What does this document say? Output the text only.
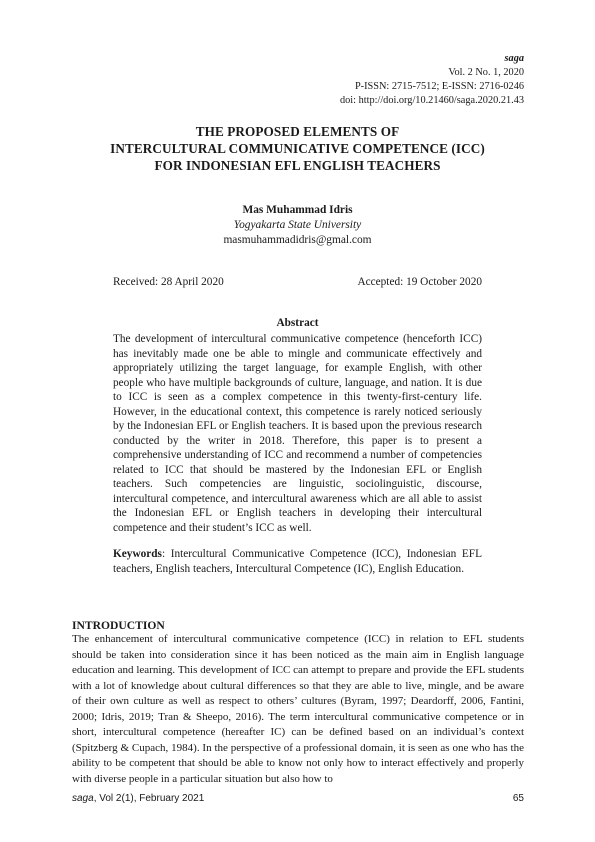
saga
Vol. 2 No. 1, 2020
P-ISSN: 2715-7512; E-ISSN: 2716-0246
doi: http://doi.org/10.21460/saga.2020.21.43
THE PROPOSED ELEMENTS OF
INTERCULTURAL COMMUNICATIVE COMPETENCE (ICC)
FOR INDONESIAN EFL ENGLISH TEACHERS
Mas Muhammad Idris
Yogyakarta State University
masmuhammadidris@gmal.com
Received: 28 April 2020	Accepted: 19 October 2020
Abstract

The development of intercultural communicative competence (henceforth ICC) has inevitably made one be able to mingle and communicate effectively and appropriately utilizing the target language, for example English, with other people who have multiple backgrounds of culture, language, and nation. It is due to ICC is seen as a complex competence in this twenty-first-century life. However, in the educational context, this competence is rarely noticed seriously by the Indonesian EFL or English teachers. It is based upon the previous research conducted by the writer in 2018. Therefore, this paper is to present a comprehensive understanding of ICC and recommend a number of competencies related to ICC that should be mastered by the Indonesian EFL or English teachers. Such competencies are linguistic, sociolinguistic, discourse, intercultural competence, and intercultural awareness which are all able to assist the Indonesian EFL or English teachers in developing their intercultural competence and their student’s ICC as well.

Keywords: Intercultural Communicative Competence (ICC), Indonesian EFL teachers, English teachers, Intercultural Competence (IC), English Education.

INTRODUCTION

The enhancement of intercultural communicative competence (ICC) in relation to EFL students should be taken into consideration since it has been noticed as the main aim in English language education and learning. This development of ICC can attempt to prepare and provide the EFL students with a lot of knowledge about cultural differences so that they are able to live, mingle, and be aware of their own culture as well as respect to others’ cultures (Byram, 1997; Deardorff, 2006, Fantini, 2000; Idris, 2019; Tran & Sheepo, 2016). The term intercultural communicative competence or in short, intercultural competence (hereafter IC) can be defined based on an individual’s context (Spitzberg & Cupach, 1984). In the perspective of a professional domain, it is seen as one who has the ability to be competent that should be able to know not only how to interact effectively and properly with diverse people in a particular situation but also how to

saga, Vol 2(1), February 2021	65
